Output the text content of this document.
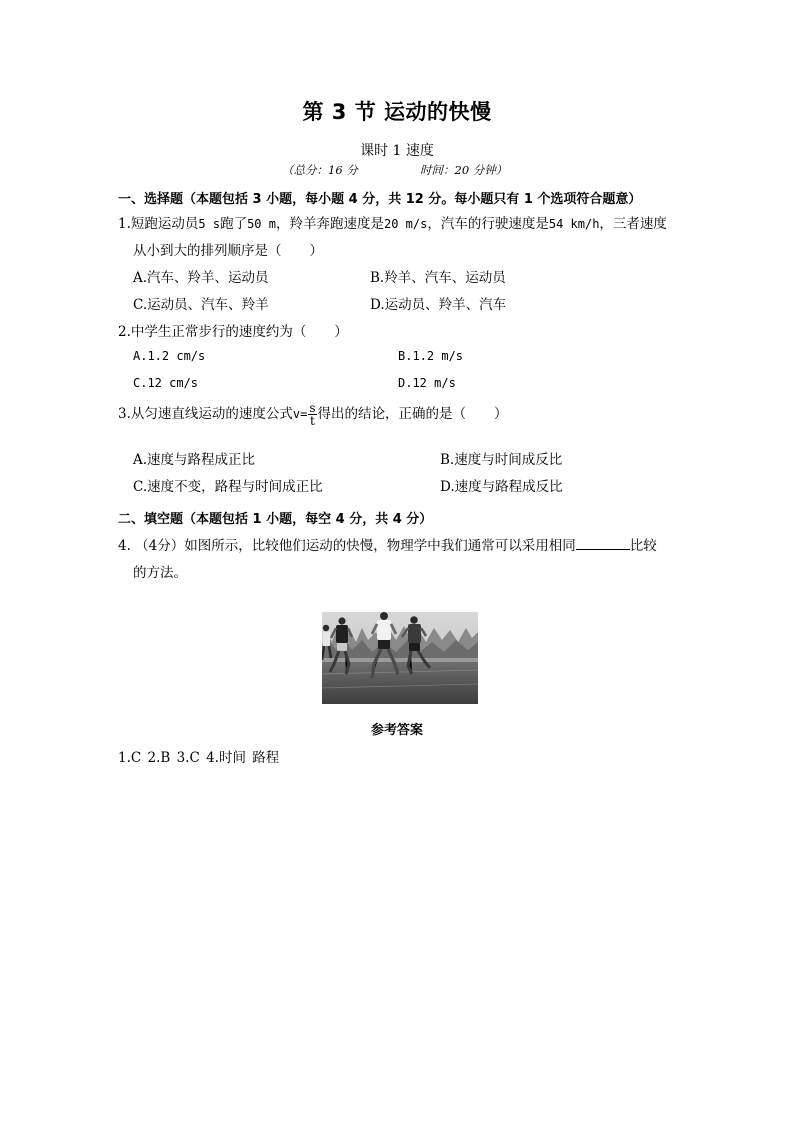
第 3 节 运动的快慢
课时 1 速度
（总分：16 分	时间：20 分钟）
一、选择题（本题包括 3 小题，每小题 4 分，共 12 分。每小题只有 1 个选项符合题意）
1.短跑运动员5 s跑了50 m，羚羊奔跑速度是20 m/s，汽车的行驶速度是54 km/h，三者速度
从小到大的排列顺序是（ ）
A.汽车、羚羊、运动员	B.羚羊、汽车、运动员
C.运动员、汽车、羚羊	D.运动员、羚羊、汽车
2.中学生正常步行的速度约为（ ）
A.1.2 cm/s	B.1.2 m/s
C.12 cm/s	D.12 m/s
3.从匀速直线运动的速度公式$v= \frac{s}{t}$ 得出的结论，正确的是（ ）
A.速度与路程成正比	B.速度与时间成反比
C.速度不变，路程与时间成正比	D.速度与路程成反比
二、填空题（本题包括 1 小题，每空 4 分，共 4 分）
4. （4分）如图所示，比较他们运动的快慢，物理学中我们通常可以采用相同	比较
的方法。
参考答案
1.C 2.B 3.C 4.时间 路程
